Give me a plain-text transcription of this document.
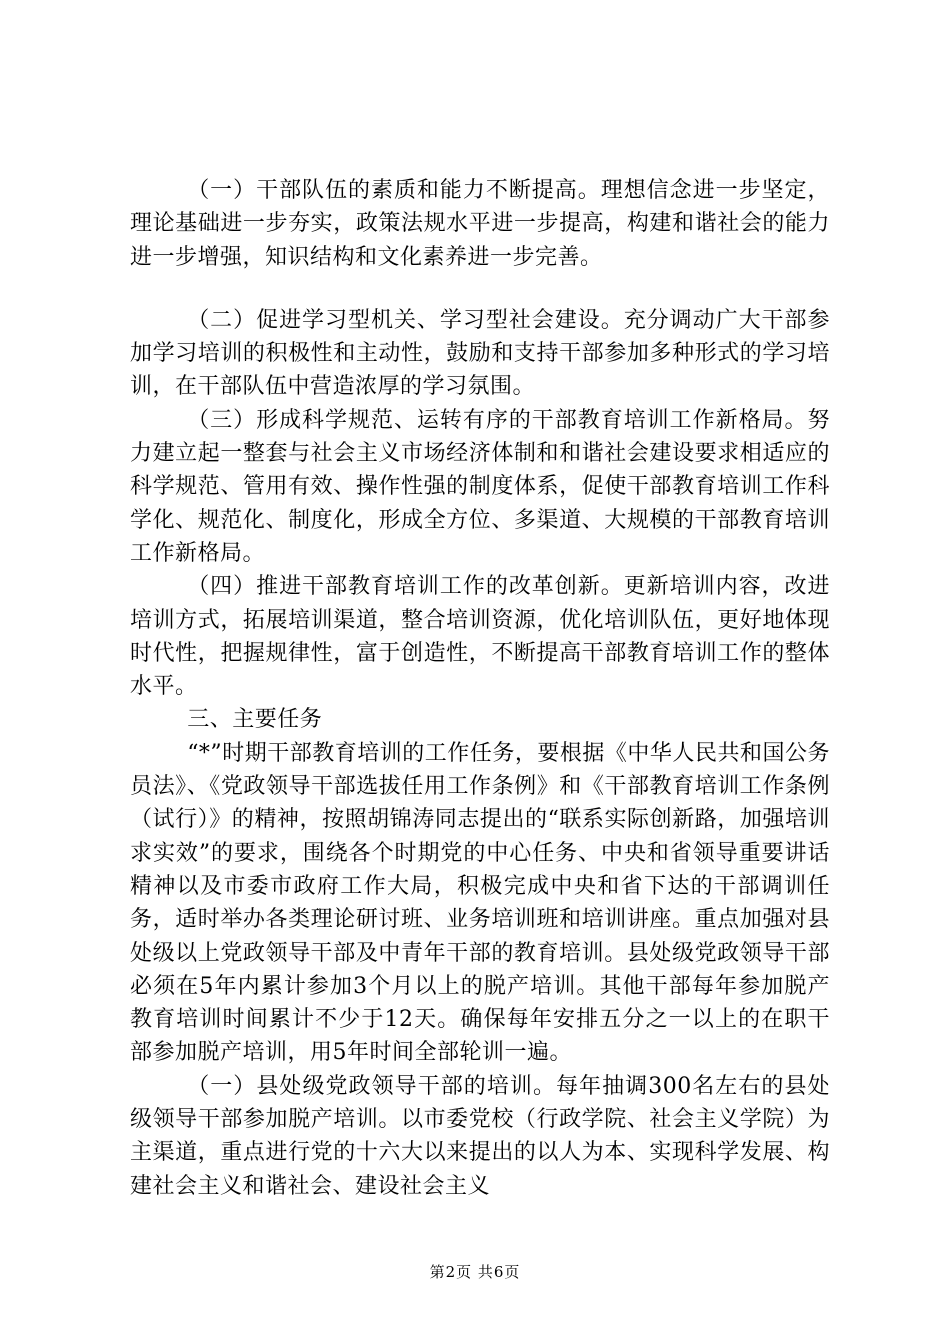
（一）干部队伍的素质和能力不断提高。理想信念进一步坚定，理论基础进一步夯实，政策法规水平进一步提高，构建和谐社会的能力进一步增强，知识结构和文化素养进一步完善。

（二）促进学习型机关、学习型社会建设。充分调动广大干部参加学习培训的积极性和主动性，鼓励和支持干部参加多种形式的学习培训，在干部队伍中营造浓厚的学习氛围。

（三）形成科学规范、运转有序的干部教育培训工作新格局。努力建立起一整套与社会主义市场经济体制和和谐社会建设要求相适应的科学规范、管用有效、操作性强的制度体系，促使干部教育培训工作科学化、规范化、制度化，形成全方位、多渠道、大规模的干部教育培训工作新格局。

（四）推进干部教育培训工作的改革创新。更新培训内容，改进培训方式，拓展培训渠道，整合培训资源，优化培训队伍，更好地体现时代性，把握规律性，富于创造性，不断提高干部教育培训工作的整体水平。

三、主要任务

“*”时期干部教育培训的工作任务，要根据《中华人民共和国公务员法》、《党政领导干部选拔任用工作条例》和《干部教育培训工作条例（试行）》的精神，按照胡锦涛同志提出的“联系实际创新路，加强培训求实效”的要求，围绕各个时期党的中心任务、中央和省领导重要讲话精神以及市委市政府工作大局，积极完成中央和省下达的干部调训任务，适时举办各类理论研讨班、业务培训班和培训讲座。重点加强对县处级以上党政领导干部及中青年干部的教育培训。县处级党政领导干部必须在5年内累计参加3个月以上的脱产培训。其他干部每年参加脱产教育培训时间累计不少于12天。确保每年安排五分之一以上的在职干部参加脱产培训，用5年时间全部轮训一遍。

（一）县处级党政领导干部的培训。每年抽调300名左右的县处级领导干部参加脱产培训。以市委党校（行政学院、社会主义学院）为主渠道，重点进行党的十六大以来提出的以人为本、实现科学发展、构建社会主义和谐社会、建设社会主义

第2页 共6页
